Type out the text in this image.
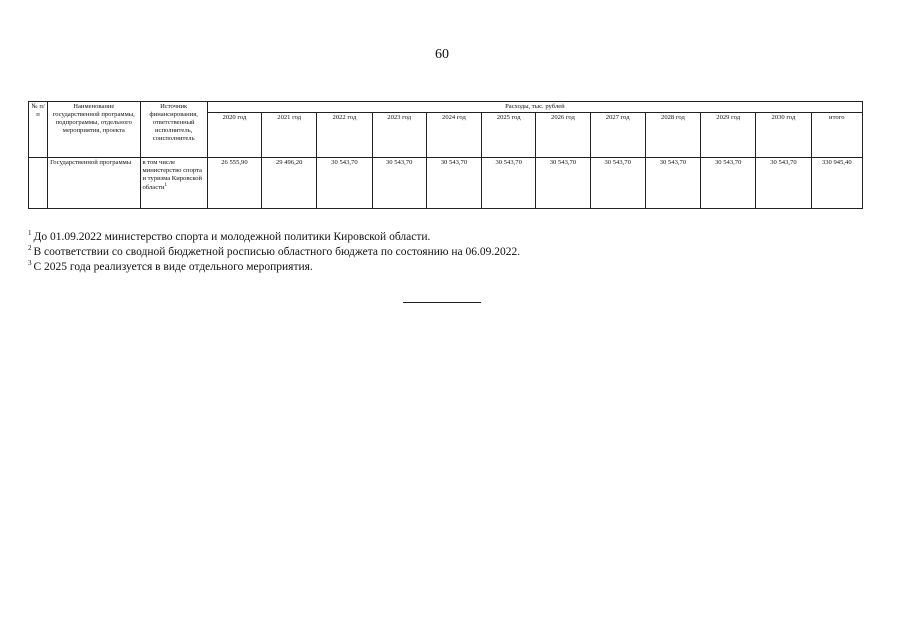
60
№ п/п	Наименование государственной программы, подпрограммы, отдельного мероприятия, проекта	Источник финансирования, ответственный исполнитель, соисполнитель	Расходы, тыс. рублей											
			2020 год	2021 год	2022 год	2023 год	2024 год	2025 год	2026 год	2027 год	2028 год	2029 год	2030 год	итого
	Государственной программы	в том числе министерство спорта и туризма Кировской области$^1$	26 555,90	29 496,20	30 543,70	30 543,70	30 543,70	30 543,70	30 543,70	30 543,70	30 543,70	30 543,70	30 543,70	330 945,40
$^1$ До 01.09.2022 министерство спорта и молодежной политики Кировской области.
$^2$ В соответствии со сводной бюджетной росписью областного бюджета по состоянию на 06.09.2022.
$^3$ С 2025 года реализуется в виде отдельного мероприятия.
